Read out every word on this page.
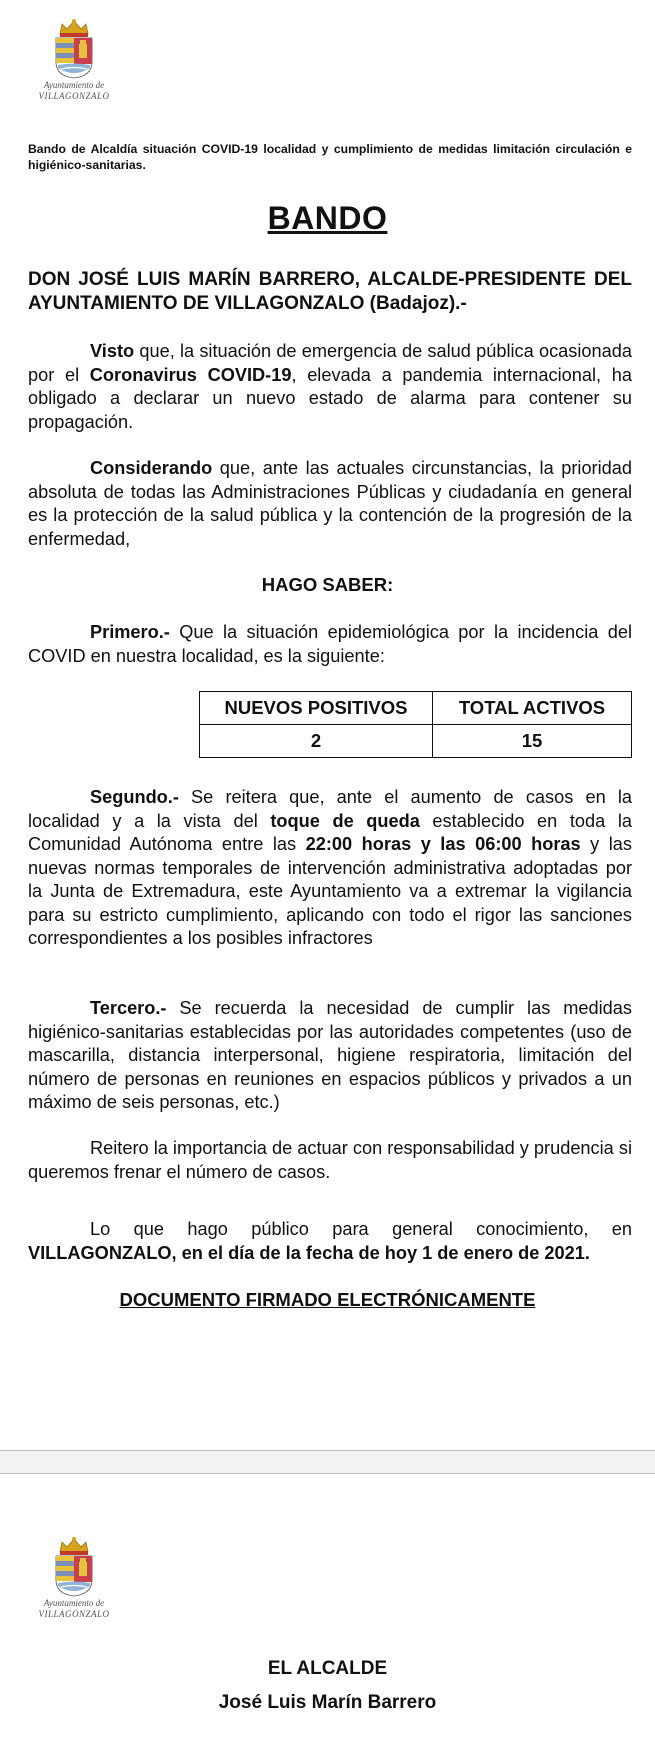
Ayuntamiento de
VILLAGONZALO
Bando de Alcaldía situación COVID-19 localidad y cumplimiento de medidas limitación circulación e higiénico-sanitarias.
BANDO
DON JOSÉ LUIS MARÍN BARRERO, ALCALDE-PRESIDENTE DEL AYUNTAMIENTO DE VILLAGONZALO (Badajoz).-

Visto que, la situación de emergencia de salud pública ocasionada por el Coronavirus COVID-19, elevada a pandemia internacional, ha obligado a declarar un nuevo estado de alarma para contener su propagación.

Considerando que, ante las actuales circunstancias, la prioridad absoluta de todas las Administraciones Públicas y ciudadanía en general es la protección de la salud pública y la contención de la progresión de la enfermedad,

HAGO SABER:

Primero.- Que la situación epidemiológica por la incidencia del COVID en nuestra localidad, es la siguiente:

NUEVOS POSITIVOS	TOTAL ACTIVOS
2	15

Segundo.- Se reitera que, ante el aumento de casos en la localidad y a la vista del toque de queda establecido en toda la Comunidad Autónoma entre las 22:00 horas y las 06:00 horas y las nuevas normas temporales de intervención administrativa adoptadas por la Junta de Extremadura, este Ayuntamiento va a extremar la vigilancia para su estricto cumplimiento, aplicando con todo el rigor las sanciones correspondientes a los posibles infractores

Tercero.- Se recuerda la necesidad de cumplir las medidas higiénico-sanitarias establecidas por las autoridades competentes (uso de mascarilla, distancia interpersonal, higiene respiratoria, limitación del número de personas en reuniones en espacios públicos y privados a un máximo de seis personas, etc.)

Reitero la importancia de actuar con responsabilidad y prudencia si queremos frenar el número de casos.

Lo que hago público para general conocimiento, en VILLAGONZALO, en el día de la fecha de hoy 1 de enero de 2021.

DOCUMENTO FIRMADO ELECTRÓNICAMENTE
Ayuntamiento de
VILLAGONZALO
EL ALCALDE
José Luis Marín Barrero
